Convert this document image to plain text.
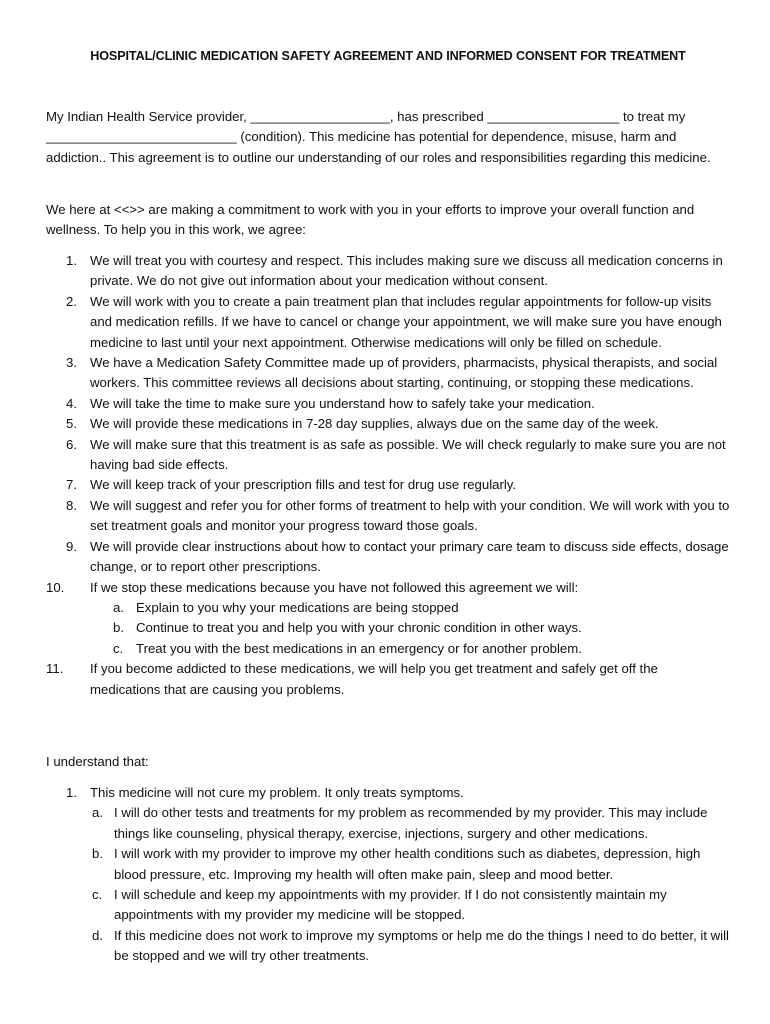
HOSPITAL/CLINIC MEDICATION SAFETY AGREEMENT AND INFORMED CONSENT FOR TREATMENT

My Indian Health Service provider, ___________________, has prescribed __________________ to treat my __________________________ (condition). This medicine has potential for dependence, misuse, harm and addiction.. This agreement is to outline our understanding of our roles and responsibilities regarding this medicine.

We here at <<>> are making a commitment to work with you in your efforts to improve your overall function and wellness. To help you in this work, we agree:

1. We will treat you with courtesy and respect. This includes making sure we discuss all medication concerns in private. We do not give out information about your medication without consent.
2. We will work with you to create a pain treatment plan that includes regular appointments for follow-up visits and medication refills. If we have to cancel or change your appointment, we will make sure you have enough medicine to last until your next appointment. Otherwise medications will only be filled on schedule.
3. We have a Medication Safety Committee made up of providers, pharmacists, physical therapists, and social workers. This committee reviews all decisions about starting, continuing, or stopping these medications.
4. We will take the time to make sure you understand how to safely take your medication.
5. We will provide these medications in 7-28 day supplies, always due on the same day of the week.
6. We will make sure that this treatment is as safe as possible. We will check regularly to make sure you are not having bad side effects.
7. We will keep track of your prescription fills and test for drug use regularly.
8. We will suggest and refer you for other forms of treatment to help with your condition. We will work with you to set treatment goals and monitor your progress toward those goals.
9. We will provide clear instructions about how to contact your primary care team to discuss side effects, dosage change, or to report other prescriptions.
10. If we stop these medications because you have not followed this agreement we will:
a. Explain to you why your medications are being stopped
b. Continue to treat you and help you with your chronic condition in other ways.
c. Treat you with the best medications in an emergency or for another problem.
11.	If you become addicted to these medications, we will help you get treatment and safely get off the medications that are causing you problems.

I understand that:

1. This medicine will not cure my problem. It only treats symptoms.
a. I will do other tests and treatments for my problem as recommended by my provider. This may include things like counseling, physical therapy, exercise, injections, surgery and other medications.
b. I will work with my provider to improve my other health conditions such as diabetes, depression, high blood pressure, etc. Improving my health will often make pain, sleep and mood better.
c. I will schedule and keep my appointments with my provider. If I do not consistently maintain my appointments with my provider my medicine will be stopped.
d. If this medicine does not work to improve my symptoms or help me do the things I need to do better, it will be stopped and we will try other treatments.
